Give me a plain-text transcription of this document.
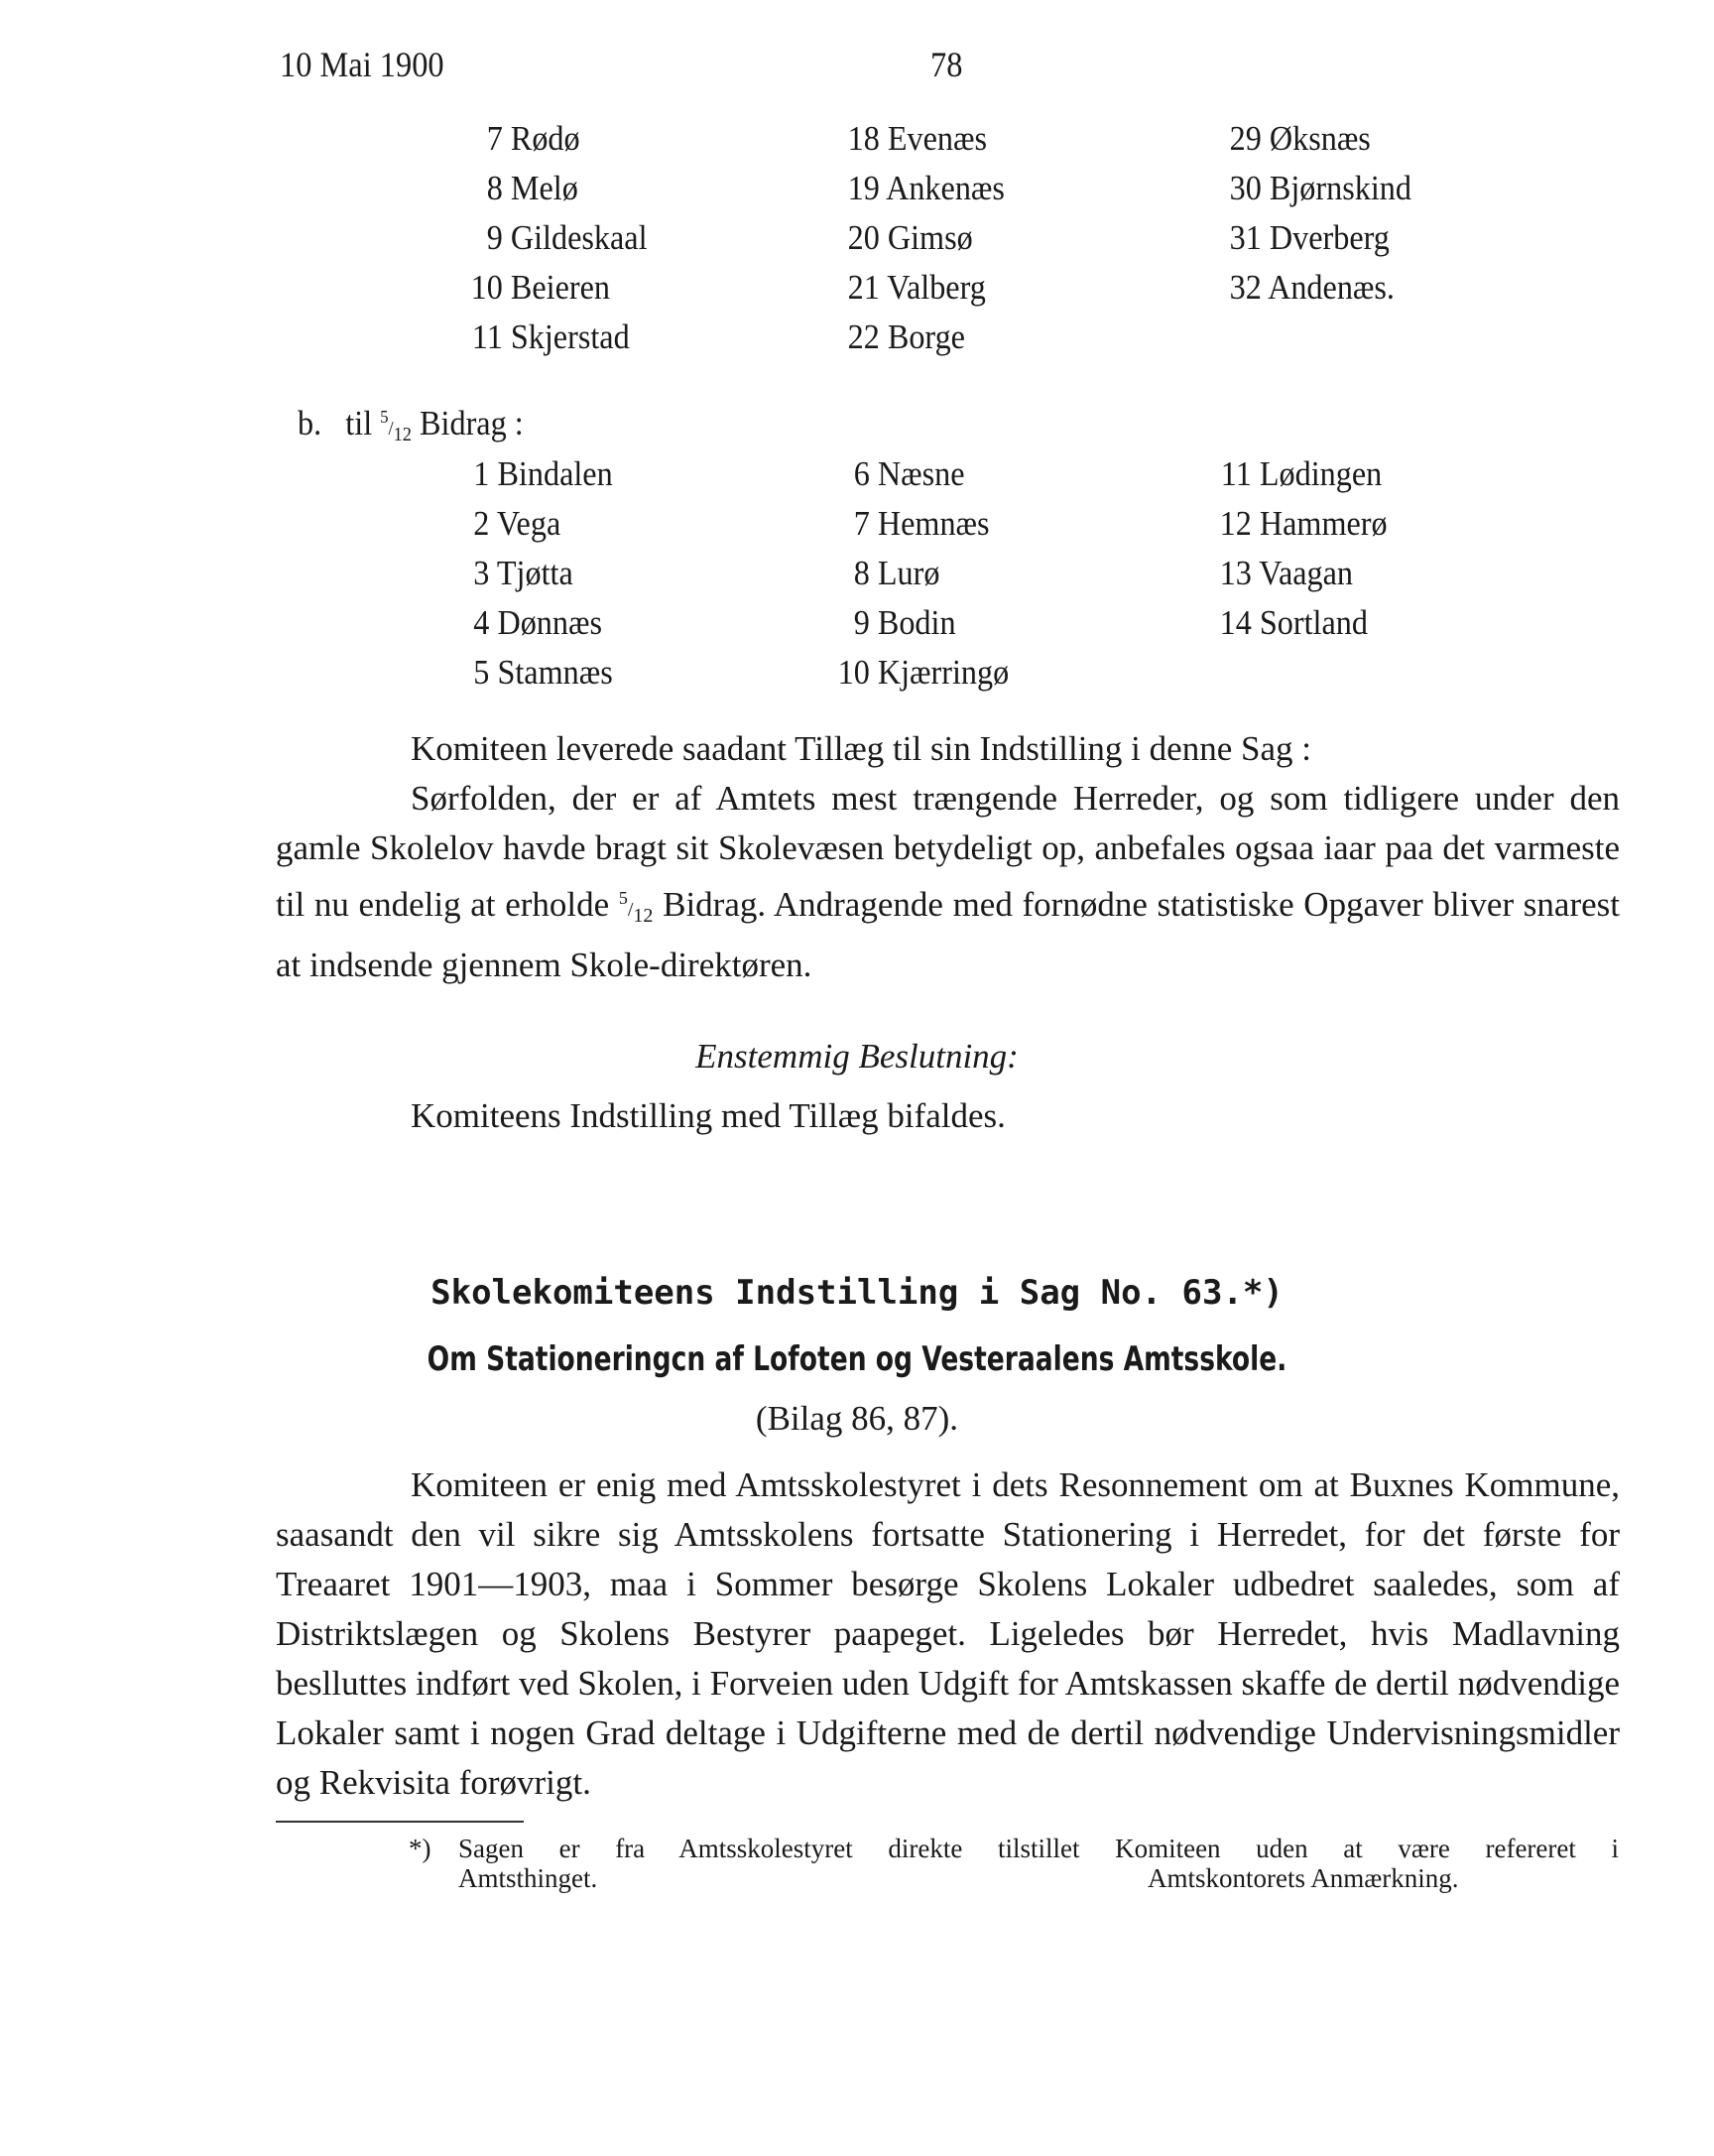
10 Mai 1900	78
7 Rødø
8 Melø
9 Gildeskaal
10 Beieren
11 Skjerstad
18 Evenæs
19 Ankenæs
20 Gimsø
21 Valberg
22 Borge
29 Øksnæs
30 Bjørnskind
31 Dverberg
32 Andenæs.
b. til $^5/_{12}$ Bidrag :
1 Bindalen
2 Vega
3 Tjøtta
4 Dønnæs
5 Stamnæs
6 Næsne
7 Hemnæs
8 Lurø
9 Bodin
10 Kjærringø
11 Lødingen
12 Hammerø
13 Vaagan
14 Sortland
Komiteen leverede saadant Tillæg til sin Indstilling i denne Sag :
Sørfolden, der er af Amtets mest trængende Herreder, og som tidligere under den gamle Skolelov havde bragt sit Skolevæsen betydeligt op, anbefales ogsaa iaar paa det varmeste til nu endelig at erholde $^5/_{12}$ Bidrag. Andragende med fornødne statistiske Opgaver bliver snarest at indsende gjennem Skole-direktøren.
Enstemmig Beslutning:
Komiteens Indstilling med Tillæg bifaldes.
Skolekomiteens Indstilling i Sag No. 63.*)
Om Stationeringcn af Lofoten og Vesteraalens Amtsskole.
(Bilag 86, 87).
Komiteen er enig med Amtsskolestyret i dets Resonnement om at Buxnes Kommune, saasandt den vil sikre sig Amtsskolens fortsatte Stationering i Herredet, for det første for Treaaret 1901—1903, maa i Sommer besørge Skolens Lokaler udbedret saaledes, som af Distriktslægen og Skolens Bestyrer paapeget. Ligeledes bør Herredet, hvis Madlavning beslluttes indført ved Skolen, i Forveien uden Udgift for Amtskassen skaffe de dertil nødvendige Lokaler samt i nogen Grad deltage i Udgifterne med de dertil nødvendige Undervisningsmidler og Rekvisita forøvrigt.
*) Sagen er fra Amtsskolestyret direkte tilstillet Komiteen uden at være refereret i
Amtsthinget.	Amtskontorets Anmærkning.
